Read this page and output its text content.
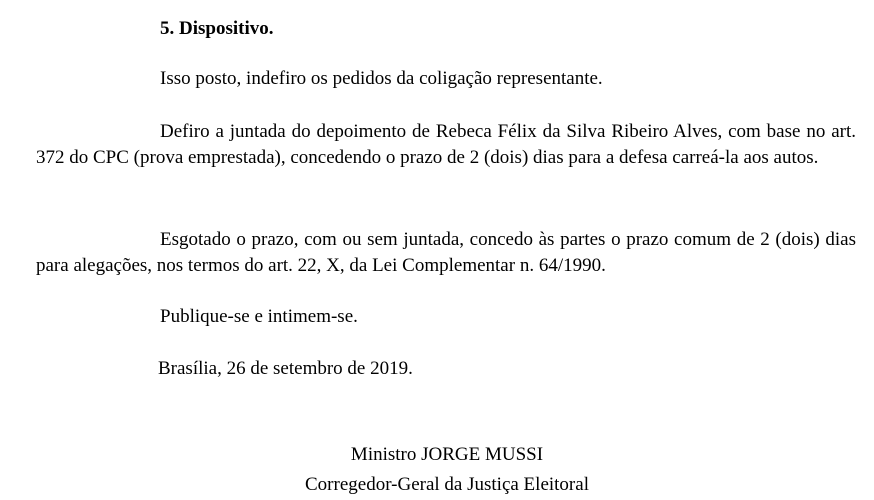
5. Dispositivo.

Isso posto, indefiro os pedidos da coligação representante.

Defiro a juntada do depoimento de Rebeca Félix da Silva Ribeiro Alves, com base no art. 372 do CPC (prova emprestada), concedendo o prazo de 2 (dois) dias para a defesa carreá-la aos autos.

Esgotado o prazo, com ou sem juntada, concedo às partes o prazo comum de 2 (dois) dias para alegações, nos termos do art. 22, X, da Lei Complementar n. 64/1990.

Publique-se e intimem-se.

Brasília, 26 de setembro de 2019.

Ministro JORGE MUSSI
Corregedor-Geral da Justiça Eleitoral
